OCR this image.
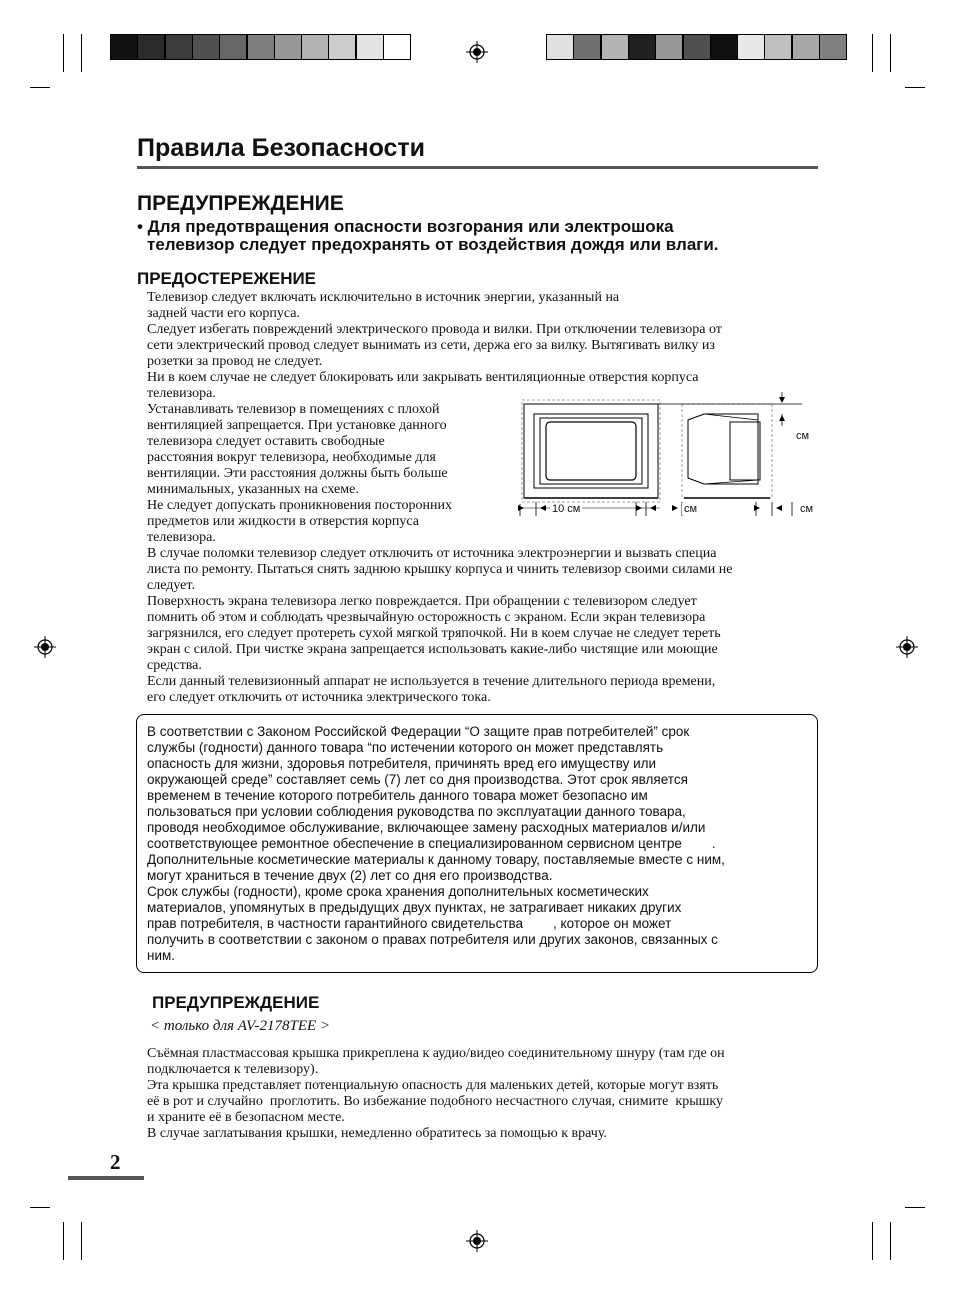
Правила Безопасности
ПРЕДУПРЕЖДЕНИЕ
• Для предотвращения опасности возгорания или электрошока
телевизор следует предохранять от воздействия дождя или влаги.
ПРЕДОСТЕРЕЖЕНИЕ
Телевизор следует включать исключительно в источник энергии, указанный на
задней части его корпуса.
Следует избегать повреждений электрического провода и вилки. При отключении телевизора от
сети электрический провод следует вынимать из сети, держа его за вилку. Вытягивать вилку из
розетки за провод не следует.
Ни в коем случае не следует блокировать или закрывать вентиляционные отверстия корпуса
телевизора.
Устанавливать телевизор в помещениях с плохой
вентиляцией запрещается. При установке данного
телевизора следует оставить свободные
расстояния вокруг телевизора, необходимые для
вентиляции. Эти расстояния должны быть больше
минимальных, указанных на схеме.
Не следует допускать проникновения посторонних
предметов или жидкости в отверстия корпуса
телевизора.
В случае поломки телевизор следует отключить от источника электроэнергии и вызвать специа
листа по ремонту. Пытаться снять заднюю крышку корпуса и чинить телевизор своими силами не
следует.
Поверхность экрана телевизора легко повреждается. При обращении с телевизором следует
помнить об этом и соблюдать чрезвычайную осторожность с экраном. Если экран телевизора
загрязнился, его следует протереть сухой мягкой тряпочкой. Ни в коем случае не следует тереть
экран с силой. При чистке экрана запрещается использовать какие-либо чистящие или моющие
средства.
Если данный телевизионный аппарат не используется в течение длительного периода времени,
его следует отключить от источника электрического тока.
10 см
см
см	см
В соответствии с Законом Российской Федерации “О защите прав потребителей” срок
службы (годности) данного товара “по истечении которого он может представлять
опасность для жизни, здоровья потребителя, причинять вред его имуществу или
окружающей среде” составляет семь (7) лет со дня производства. Этот срок является
временем в течение которого потребитель данного товара может безопасно им
пользоваться при условии соблюдения руководства по эксплуатации данного товара,
проводя необходимое обслуживание, включающее замену расходных материалов и/или
соответствующее ремонтное обеспечение в специализированном сервисном центре        .
Дополнительные косметические материалы к данному товару, поставляемые вместе с ним,
могут храниться в течение двух (2) лет со дня его производства.
Срок службы (годности), кроме срока хранения дополнительных косметических
материалов, упомянутых в предыдущих двух пунктах, не затрагивает никаких других
прав потребителя, в частности гарантийного свидетельства        , которое он может
получить в соответствии с законом о правах потребителя или других законов, связанных с
ним.
ПРЕДУПРЕЖДЕНИЕ
< только для AV-2178TEE >
Съёмная пластмассовая крышка прикреплена к аудио/видео соединительному шнуру (там где он
подключается к телевизору).
Эта крышка представляет потенциальную опасность для маленьких детей, которые могут взять
её в рот и случайно  проглотить. Во избежание подобного несчастного случая, снимите  крышку
и храните её в безопасном месте.
В случае заглатывания крышки, немедленно обратитесь за помощью к врачу.
2
